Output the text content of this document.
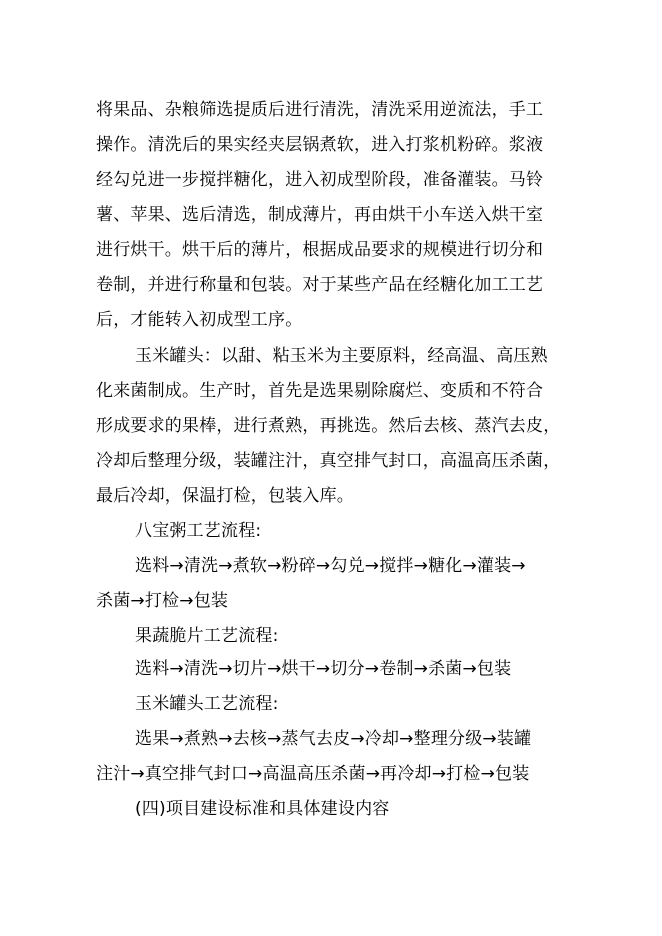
将果品、杂粮筛选提质后进行清洗，清洗采用逆流法，手工
操作。清洗后的果实经夹层锅煮软，进入打浆机粉碎。浆液
经勾兑进一步搅拌糖化，进入初成型阶段，准备灌装。马铃
薯、苹果、选后清选，制成薄片，再由烘干小车送入烘干室
进行烘干。烘干后的薄片，根据成品要求的规模进行切分和
卷制，并进行称量和包装。对于某些产品在经糖化加工工艺
后，才能转入初成型工序。
玉米罐头：以甜、粘玉米为主要原料，经高温、高压熟
化来菌制成。生产时，首先是选果剔除腐烂、变质和不符合
形成要求的果棒，进行煮熟，再挑选。然后去核、蒸汽去皮，
冷却后整理分级，装罐注汁，真空排气封口，高温高压杀菌，
最后冷却，保温打检，包装入库。
八宝粥工艺流程:
选料→清洗→煮软→粉碎→勾兑→搅拌→糖化→灌装→
杀菌→打检→包装
果蔬脆片工艺流程:
选料→清洗→切片→烘干→切分→卷制→杀菌→包装
玉米罐头工艺流程:
选果→煮熟→去核→蒸气去皮→冷却→整理分级→装罐
注汁→真空排气封口→高温高压杀菌→再冷却→打检→包装
(四)项目建设标准和具体建设内容
